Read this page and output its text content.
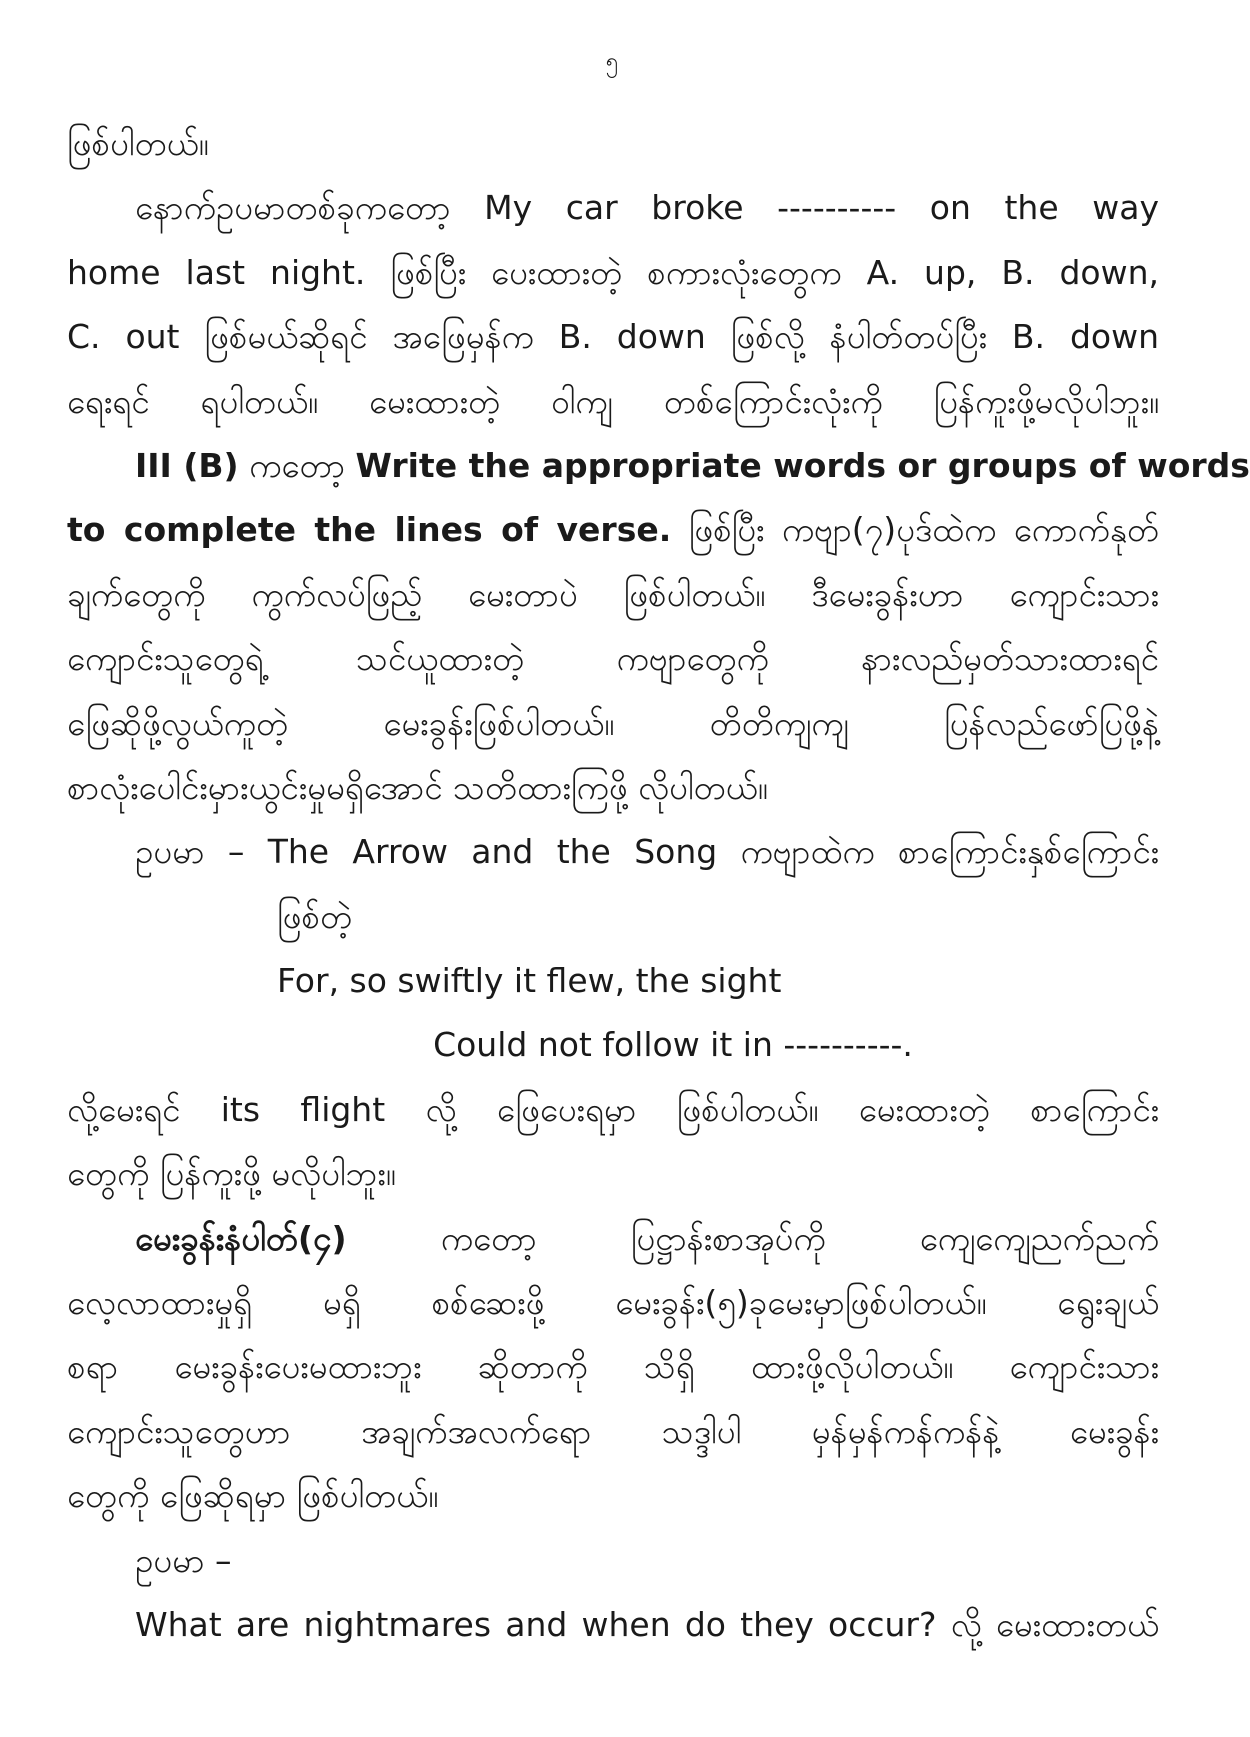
၅
ဖြစ်ပါတယ်။
နောက်ဥပမာတစ်ခုကတော့ My car broke ---------- on the way
home last night. ဖြစ်ပြီး ပေးထားတဲ့ စကားလုံးတွေက A. up, B. down,
C. out ဖြစ်မယ်ဆိုရင် အဖြေမှန်က B. down ဖြစ်လို့ နံပါတ်တပ်ပြီး B. down
ရေးရင် ရပါတယ်။ မေးထားတဲ့ ဝါကျ တစ်ကြောင်းလုံးကို ပြန်ကူးဖို့မလိုပါဘူး။
III (B) ကတော့ Write the appropriate words or groups of words
to complete the lines of verse. ဖြစ်ပြီး ကဗျာ(၇)ပုဒ်ထဲက ကောက်နုတ်
ချက်တွေကို ကွက်လပ်ဖြည့် မေးတာပဲ ဖြစ်ပါတယ်။ ဒီမေးခွန်းဟာ ကျောင်းသား
ကျောင်းသူတွေရဲ့ သင်ယူထားတဲ့ ကဗျာတွေကို နားလည်မှတ်သားထားရင်
ဖြေဆိုဖို့လွယ်ကူတဲ့ မေးခွန်းဖြစ်ပါတယ်။ တိတိကျကျ ပြန်လည်ဖော်ပြဖို့နဲ့
စာလုံးပေါင်းမှားယွင်းမှုမရှိအောင် သတိထားကြဖို့ လိုပါတယ်။
ဥပမာ – The Arrow and the Song ကဗျာထဲက စာကြောင်းနှစ်ကြောင်း
ဖြစ်တဲ့
For, so swiftly it flew, the sight
Could not follow it in ----------.
လို့မေးရင် its flight လို့ ဖြေပေးရမှာ ဖြစ်ပါတယ်။ မေးထားတဲ့ စာကြောင်း
တွေကို ပြန်ကူးဖို့ မလိုပါဘူး။
မေးခွန်းနံပါတ်(၄) ကတော့ ပြဋ္ဌာန်းစာအုပ်ကို ကျေကျေညက်ညက်
လေ့လာထားမှုရှိ မရှိ စစ်ဆေးဖို့ မေးခွန်း(၅)ခုမေးမှာဖြစ်ပါတယ်။ ရွေးချယ်
စရာ မေးခွန်းပေးမထားဘူး ဆိုတာကို သိရှိ ထားဖို့လိုပါတယ်။ ကျောင်းသား
ကျောင်းသူတွေဟာ အချက်အလက်ရော သဒ္ဒါပါ မှန်မှန်ကန်ကန်နဲ့ မေးခွန်း
တွေကို ဖြေဆိုရမှာ ဖြစ်ပါတယ်။
ဥပမာ –
What are nightmares and when do they occur? လို့ မေးထားတယ်
